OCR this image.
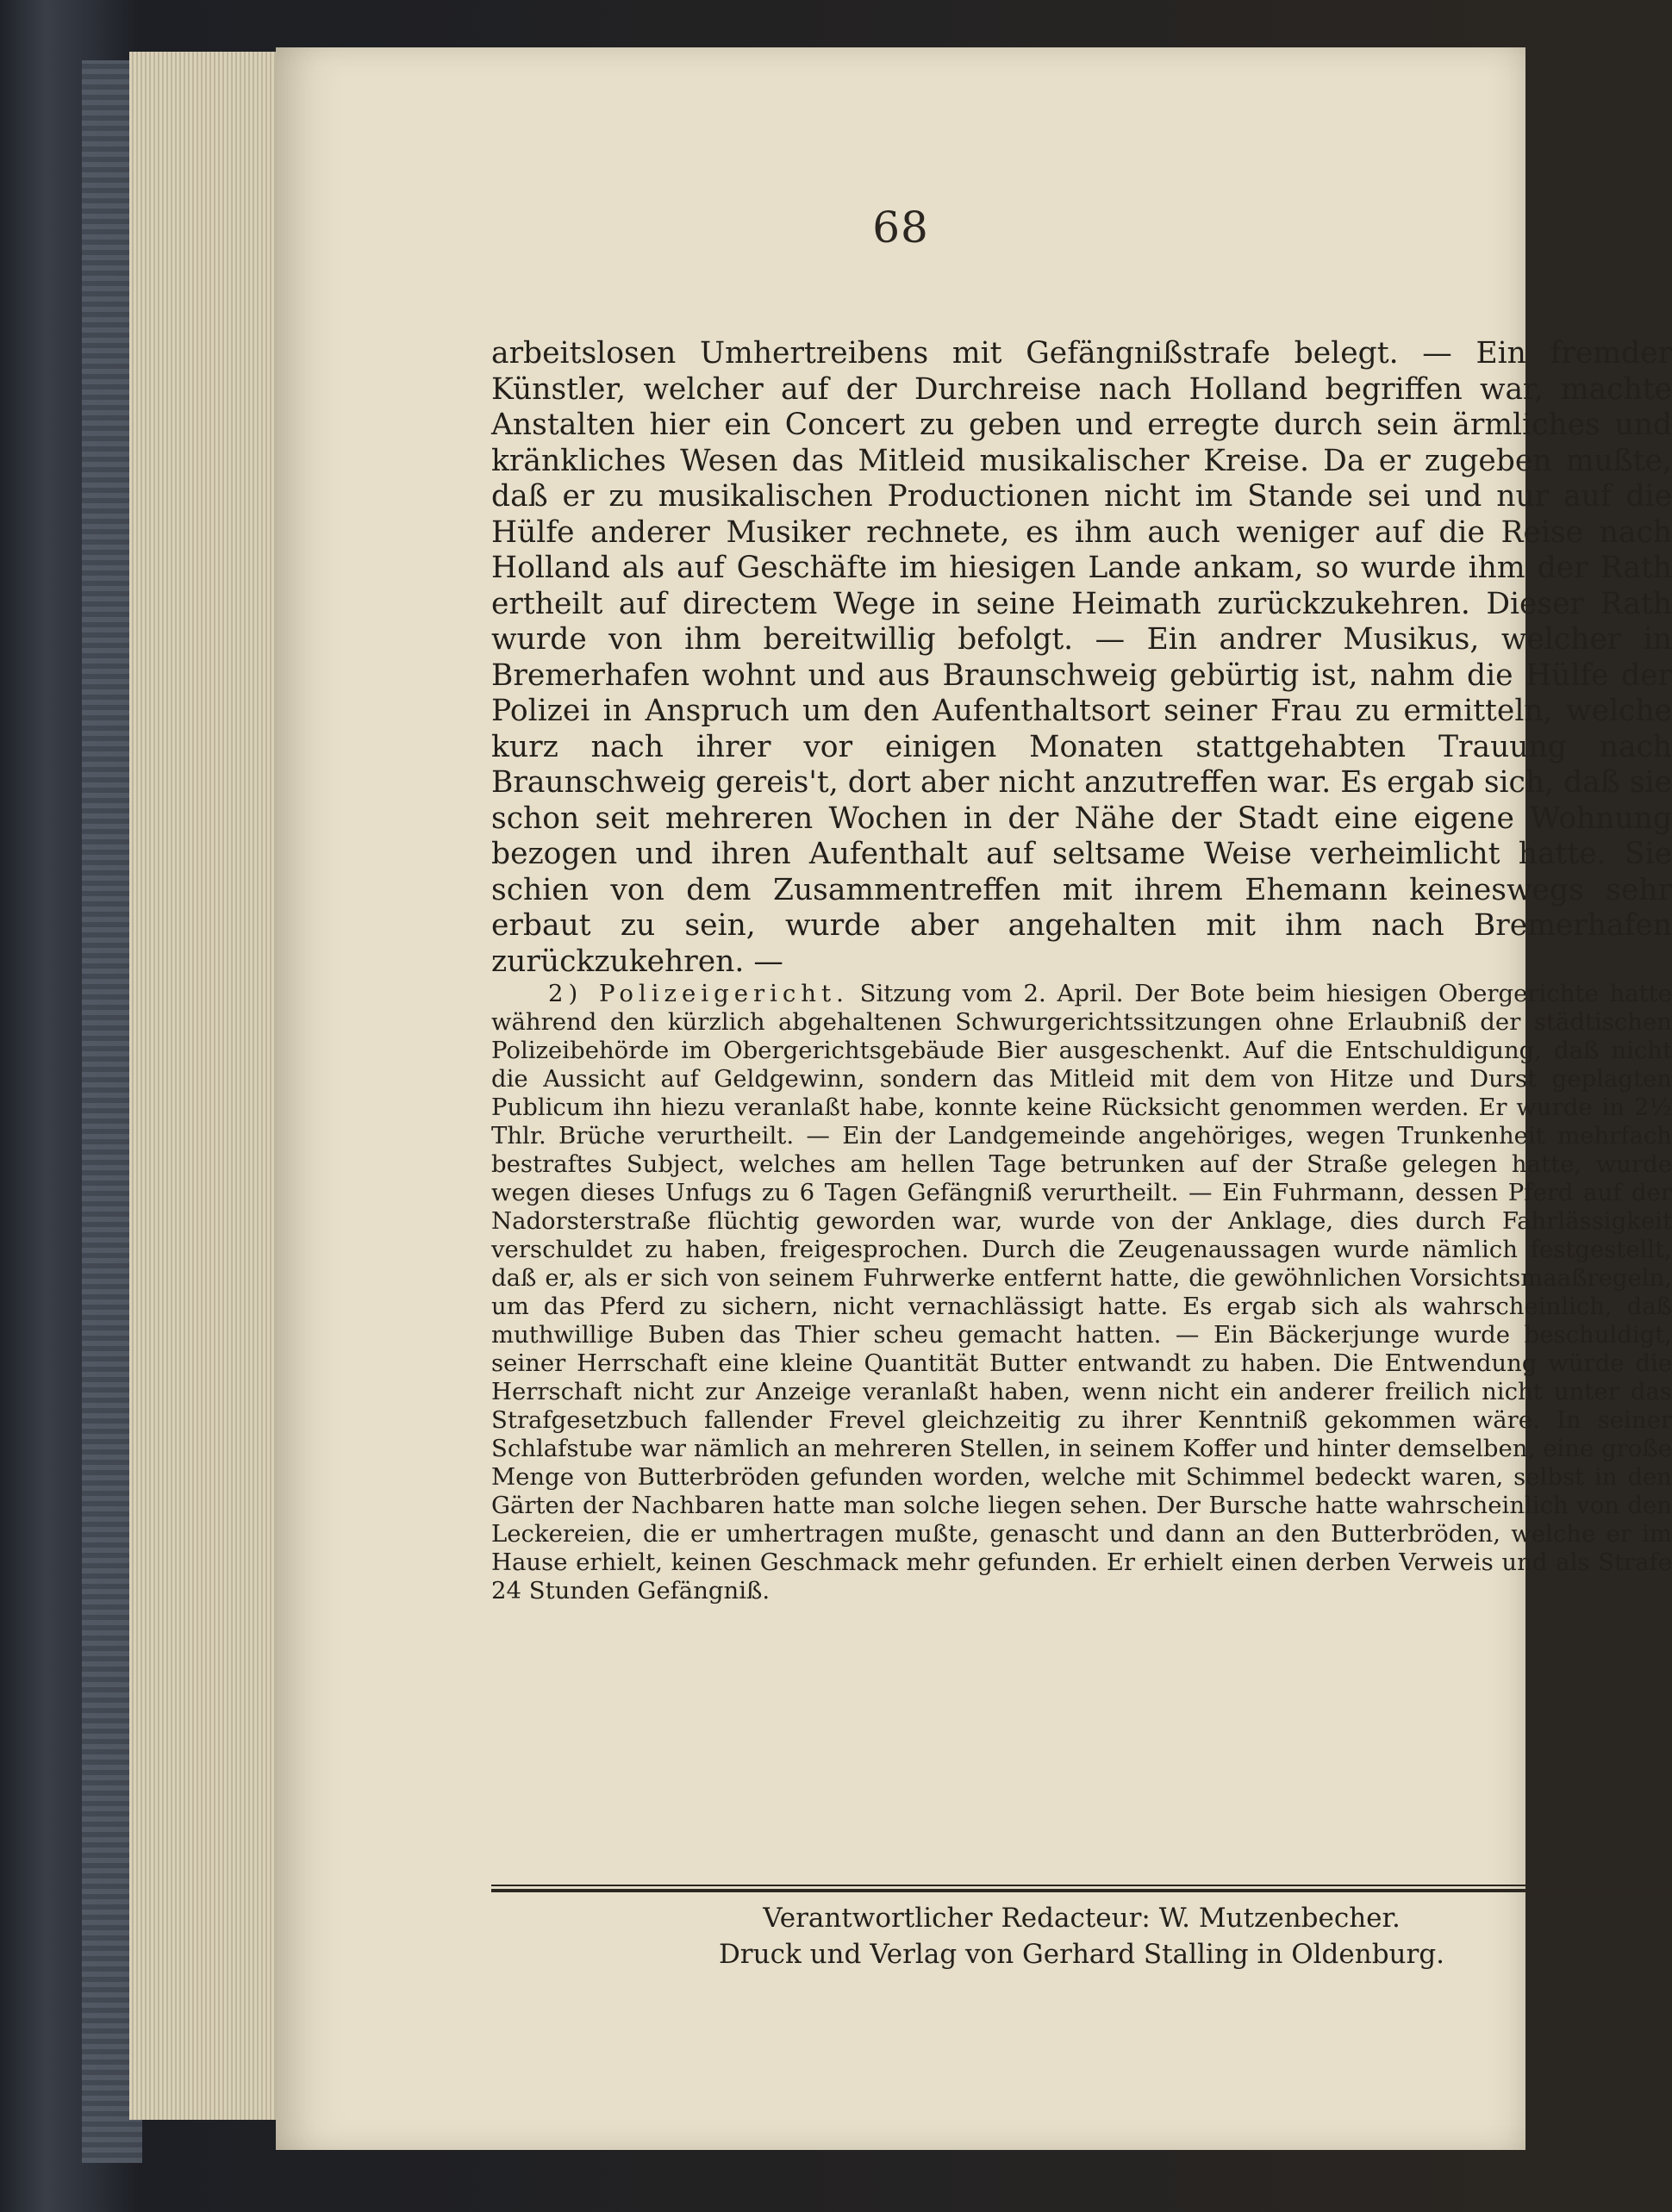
68

arbeitslosen Umhertreibens mit Gefängnißstrafe belegt. — Ein fremder Künstler, welcher auf der Durchreise nach Holland begriffen war, machte Anstalten hier ein Concert zu geben und erregte durch sein ärmliches und kränkliches Wesen das Mitleid musikalischer Kreise. Da er zugeben mußte, daß er zu musikalischen Productionen nicht im Stande sei und nur auf die Hülfe anderer Musiker rechnete, es ihm auch weniger auf die Reise nach Holland als auf Geschäfte im hiesigen Lande ankam, so wurde ihm der Rath ertheilt auf directem Wege in seine Heimath zurückzukehren. Dieser Rath wurde von ihm bereitwillig befolgt. — Ein andrer Musikus, welcher in Bremerhafen wohnt und aus Braunschweig gebürtig ist, nahm die Hülfe der Polizei in Anspruch um den Aufenthaltsort seiner Frau zu ermitteln, welche kurz nach ihrer vor einigen Monaten stattgehabten Trauung nach Braunschweig gereis't, dort aber nicht anzutreffen war. Es ergab sich, daß sie schon seit mehreren Wochen in der Nähe der Stadt eine eigene Wohnung bezogen und ihren Aufenthalt auf seltsame Weise verheimlicht hatte. Sie schien von dem Zusammentreffen mit ihrem Ehemann keineswegs sehr erbaut zu sein, wurde aber angehalten mit ihm nach Bremerhafen zurückzukehren. —

2) Polizeigericht. Sitzung vom 2. April. Der Bote beim hiesigen Obergerichte hatte während den kürzlich abgehaltenen Schwurgerichtssitzungen ohne Erlaubniß der städtischen Polizeibehörde im Obergerichtsgebäude Bier ausgeschenkt. Auf die Entschuldigung, daß nicht die Aussicht auf Geldgewinn, sondern das Mitleid mit dem von Hitze und Durst geplagten Publicum ihn hiezu veranlaßt habe, konnte keine Rücksicht genommen werden. Er wurde in 2½ Thlr. Brüche verurtheilt. — Ein der Landgemeinde angehöriges, wegen Trunkenheit mehrfach bestraftes Subject, welches am hellen Tage betrunken auf der Straße gelegen hatte, wurde wegen dieses Unfugs zu 6 Tagen Gefängniß verurtheilt. — Ein Fuhrmann, dessen Pferd auf der Nadorsterstraße flüchtig geworden war, wurde von der Anklage, dies durch Fahrlässigkeit verschuldet zu haben, freigesprochen. Durch die Zeugenaussagen wurde nämlich festgestellt, daß er, als er sich von seinem Fuhrwerke entfernt hatte, die gewöhnlichen Vorsichtsmaaßregeln, um das Pferd zu sichern, nicht vernachlässigt hatte. Es ergab sich als wahrscheinlich, daß muthwillige Buben das Thier scheu gemacht hatten. — Ein Bäckerjunge wurde beschuldigt, seiner Herrschaft eine kleine Quantität Butter entwandt zu haben. Die Entwendung würde die Herrschaft nicht zur Anzeige veranlaßt haben, wenn nicht ein anderer freilich nicht unter das Strafgesetzbuch fallender Frevel gleichzeitig zu ihrer Kenntniß gekommen wäre. In seiner Schlafstube war nämlich an mehreren Stellen, in seinem Koffer und hinter demselben, eine große Menge von Butterbröden gefunden worden, welche mit Schimmel bedeckt waren, selbst in den Gärten der Nachbaren hatte man solche liegen sehen. Der Bursche hatte wahrscheinlich von den Leckereien, die er umhertragen mußte, genascht und dann an den Butterbröden, welche er im Hause erhielt, keinen Geschmack mehr gefunden. Er erhielt einen derben Verweis und als Strafe 24 Stunden Gefängniß.

Verantwortlicher Redacteur: W. Mutzenbecher.
Druck und Verlag von Gerhard Stalling in Oldenburg.
